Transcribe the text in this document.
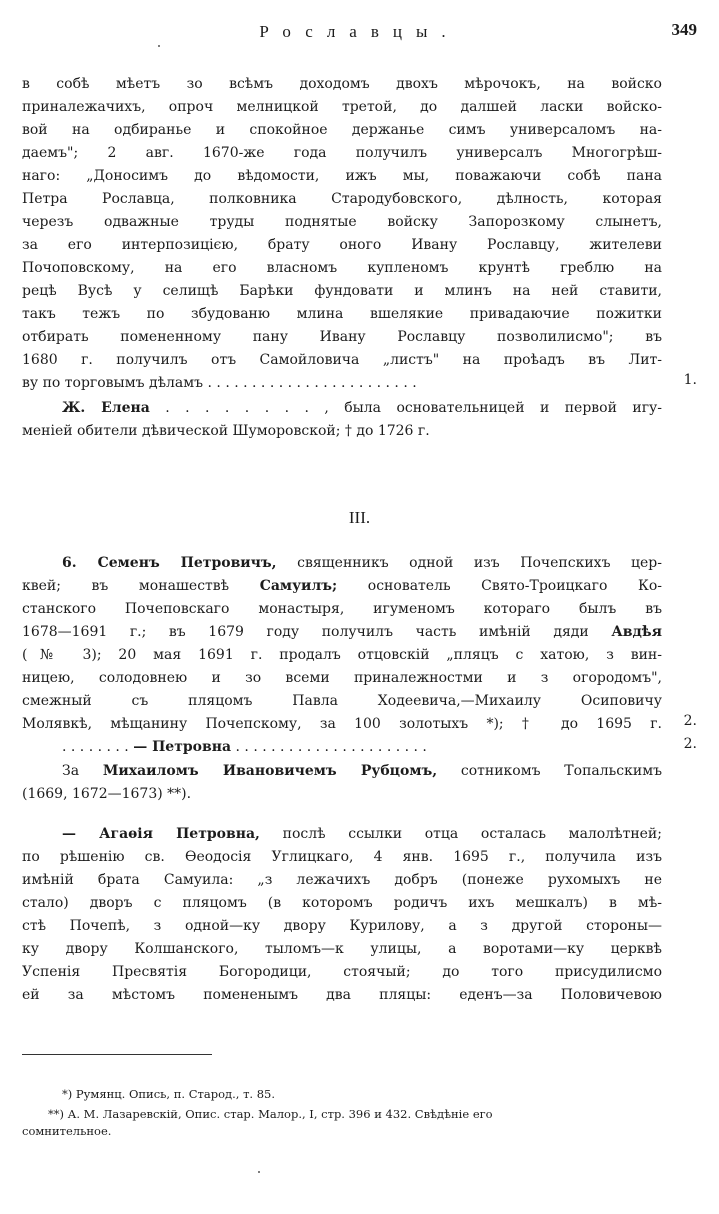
Рославцы.	349
в собѣ мѣетъ зо всѣмъ доходомъ двохъ мѣрочокъ, на войско
приналежачихъ, опроч мелницкой третой, до далшей ласки войско-
вой на одбиранье и спокойное держанье симъ универсаломъ на-
даемъ"; 2 авг. 1670-же года получилъ универсалъ Многогрѣш-
наго: „Доносимъ до вѣдомости, ижъ мы, поважаючи собѣ пана
Петра Рославца, полковника Стародубовского, дѣлность, которая
черезъ одважные труды поднятые войску Запорозкому слынетъ,
за его интерпозицією, брату оного Ивану Рославцу, жителеви
Почоповскому, на его власномъ купленомъ крунтѣ греблю на
рецѣ Вусѣ у селищѣ Барѣки фундовати и млинъ на ней ставити,
такъ тежъ по збудованю млина вшелякие привадаючие пожитки
отбирать помененному пану Ивану Рославцу позволилисмо"; въ
1680 г. получилъ отъ Самойловича „листъ" на проѣадъ въ Лит-
ву по торговымъ дѣламъ . . . . . . . . . . . . . . . . . . . . . . . .	1.
Ж. Елена . . . . . . . . , была основательницей и первой игу-
меніей обители дѣвической Шуморовской; † до 1726 г.
III.
6. Семенъ Петровичъ, священникъ одной изъ Почепскихъ цер-
квей; въ монашествѣ Самуилъ; основатель Свято-Троицкаго Ко-
станского Почеповскаго монастыря, игуменомъ котораго былъ въ
1678—1691 г.; въ 1679 году получилъ часть имѣній дяди Авдѣя
(№ 3); 20 мая 1691 г. продалъ отцовскій „пляцъ с хатою, з вин-
ницею, солодовнею и зо всеми приналежностми и з огородомъ",
смежный съ пляцомъ Павла Ходеевича,—Михаилу Осиповичу
Молявкѣ, мѣщанину Почепскому, за 100 золотыхъ *); † до 1695 г. 2.
. . . . . . . . — Петровна . . . . . . . . . . . . . . . . . . . . . .	2.
За Михаиломъ Ивановичемъ Рубцомъ, сотникомъ Топальскимъ
(1669, 1672—1673) **).
— Агаѳія Петровна, послѣ ссылки отца осталась малолѣтней;
по рѣшенію св. Ѳеодосія Углицкаго, 4 янв. 1695 г., получила изъ
имѣній брата Самуила: „з лежачихъ добръ (понеже рухомыхъ не
стало) дворъ с пляцомъ (в которомъ родичъ ихъ мешкалъ) в мѣ-
стѣ Почепѣ, з одной—ку двору Курилову, а з другой стороны—
ку двору Колшанского, тыломъ—к улицы, а воротами—ку церквѣ
Успенія Пресвятія Богородици, стоячый; до того присудилисмо
ей за мѣстомъ помененымъ два пляцы: еденъ—за Половичевою
*) Румянц. Опись, п. Старод., т. 85.
**) А. М. Лазаревскій, Опис. стар. Малор., I, стр. 396 и 432. Свѣдѣніе его
сомнительное.
